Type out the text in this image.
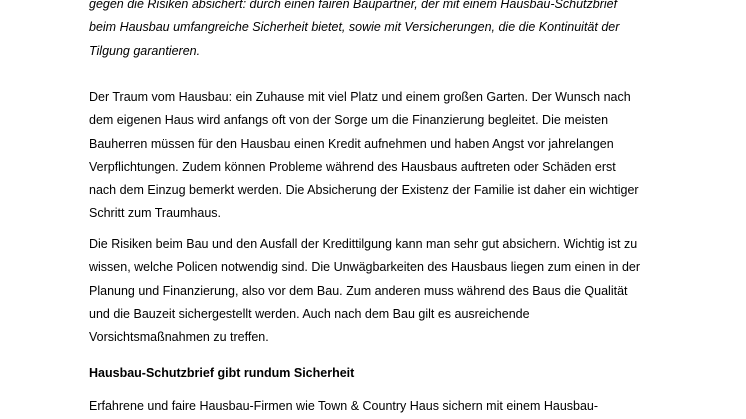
gegen die Risiken absichert: durch einen fairen Baupartner, der mit einem Hausbau-Schutzbrief
beim Hausbau umfangreiche Sicherheit bietet, sowie mit Versicherungen, die die Kontinuität der
Tilgung garantieren.
Der Traum vom Hausbau: ein Zuhause mit viel Platz und einem großen Garten. Der Wunsch nach
dem eigenen Haus wird anfangs oft von der Sorge um die Finanzierung begleitet. Die meisten
Bauherren müssen für den Hausbau einen Kredit aufnehmen und haben Angst vor jahrelangen
Verpflichtungen. Zudem können Probleme während des Hausbaus auftreten oder Schäden erst
nach dem Einzug bemerkt werden. Die Absicherung der Existenz der Familie ist daher ein wichtiger
Schritt zum Traumhaus.
Die Risiken beim Bau und den Ausfall der Kredittilgung kann man sehr gut absichern. Wichtig ist zu
wissen, welche Policen notwendig sind. Die Unwägbarkeiten des Hausbaus liegen zum einen in der
Planung und Finanzierung, also vor dem Bau. Zum anderen muss während des Baus die Qualität
und die Bauzeit sichergestellt werden. Auch nach dem Bau gilt es ausreichende
Vorsichtsmaßnahmen zu treffen.
Hausbau-Schutzbrief gibt rundum Sicherheit
Erfahrene und faire Hausbau-Firmen wie Town & Country Haus sichern mit einem Hausbau-
